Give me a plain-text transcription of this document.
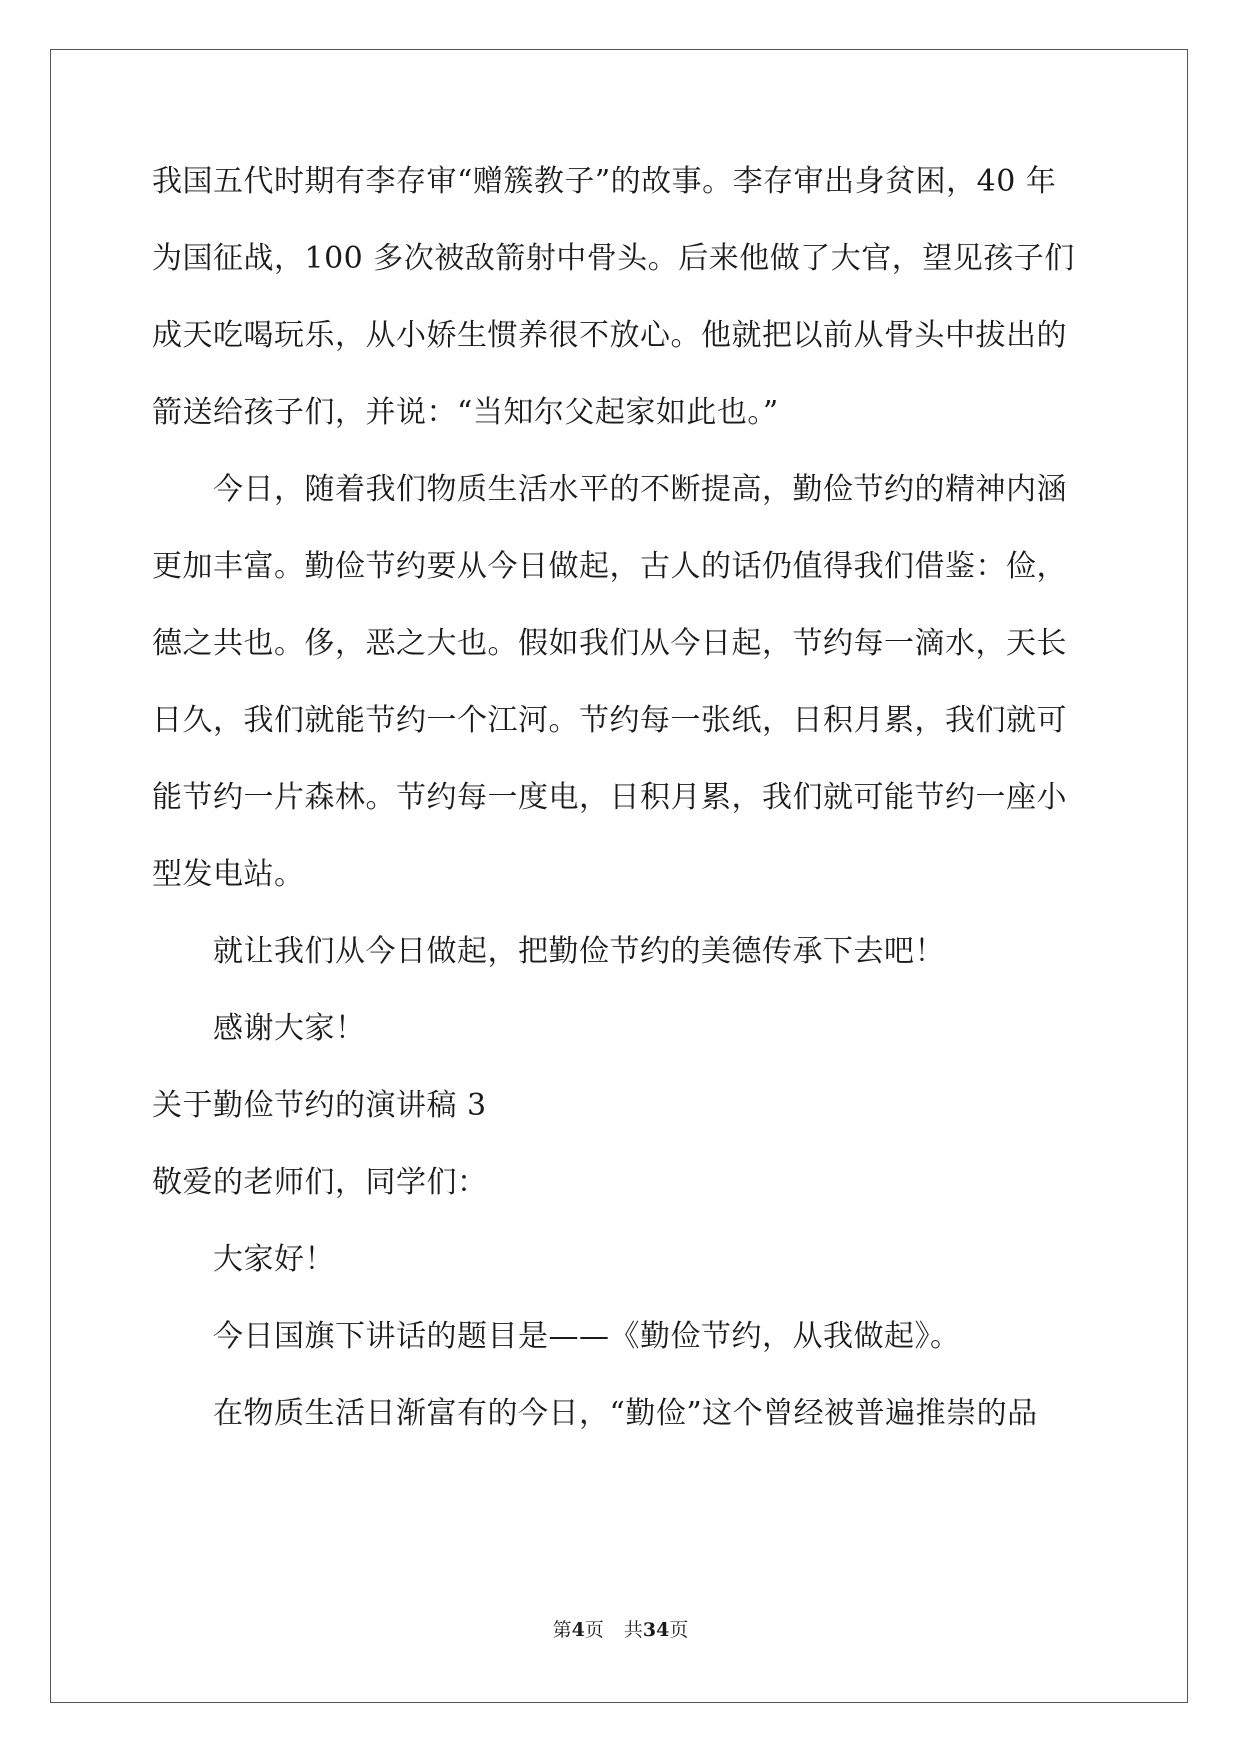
我国五代时期有李存审“赠簇教子”的故事。李存审出身贫困，40 年
为国征战，100 多次被敌箭射中骨头。后来他做了大官，望见孩子们
成天吃喝玩乐，从小娇生惯养很不放心。他就把以前从骨头中拔出的
箭送给孩子们，并说：“当知尔父起家如此也。”
今日，随着我们物质生活水平的不断提高，勤俭节约的精神内涵
更加丰富。勤俭节约要从今日做起，古人的话仍值得我们借鉴：俭，
德之共也。侈，恶之大也。假如我们从今日起，节约每一滴水，天长
日久，我们就能节约一个江河。节约每一张纸，日积月累，我们就可
能节约一片森林。节约每一度电，日积月累，我们就可能节约一座小
型发电站。
就让我们从今日做起，把勤俭节约的美德传承下去吧！
感谢大家！
关于勤俭节约的演讲稿 3
敬爱的老师们，同学们：
大家好！
今日国旗下讲话的题目是——《勤俭节约，从我做起》。
在物质生活日渐富有的今日，“勤俭”这个曾经被普遍推崇的品
第4页 共34页
